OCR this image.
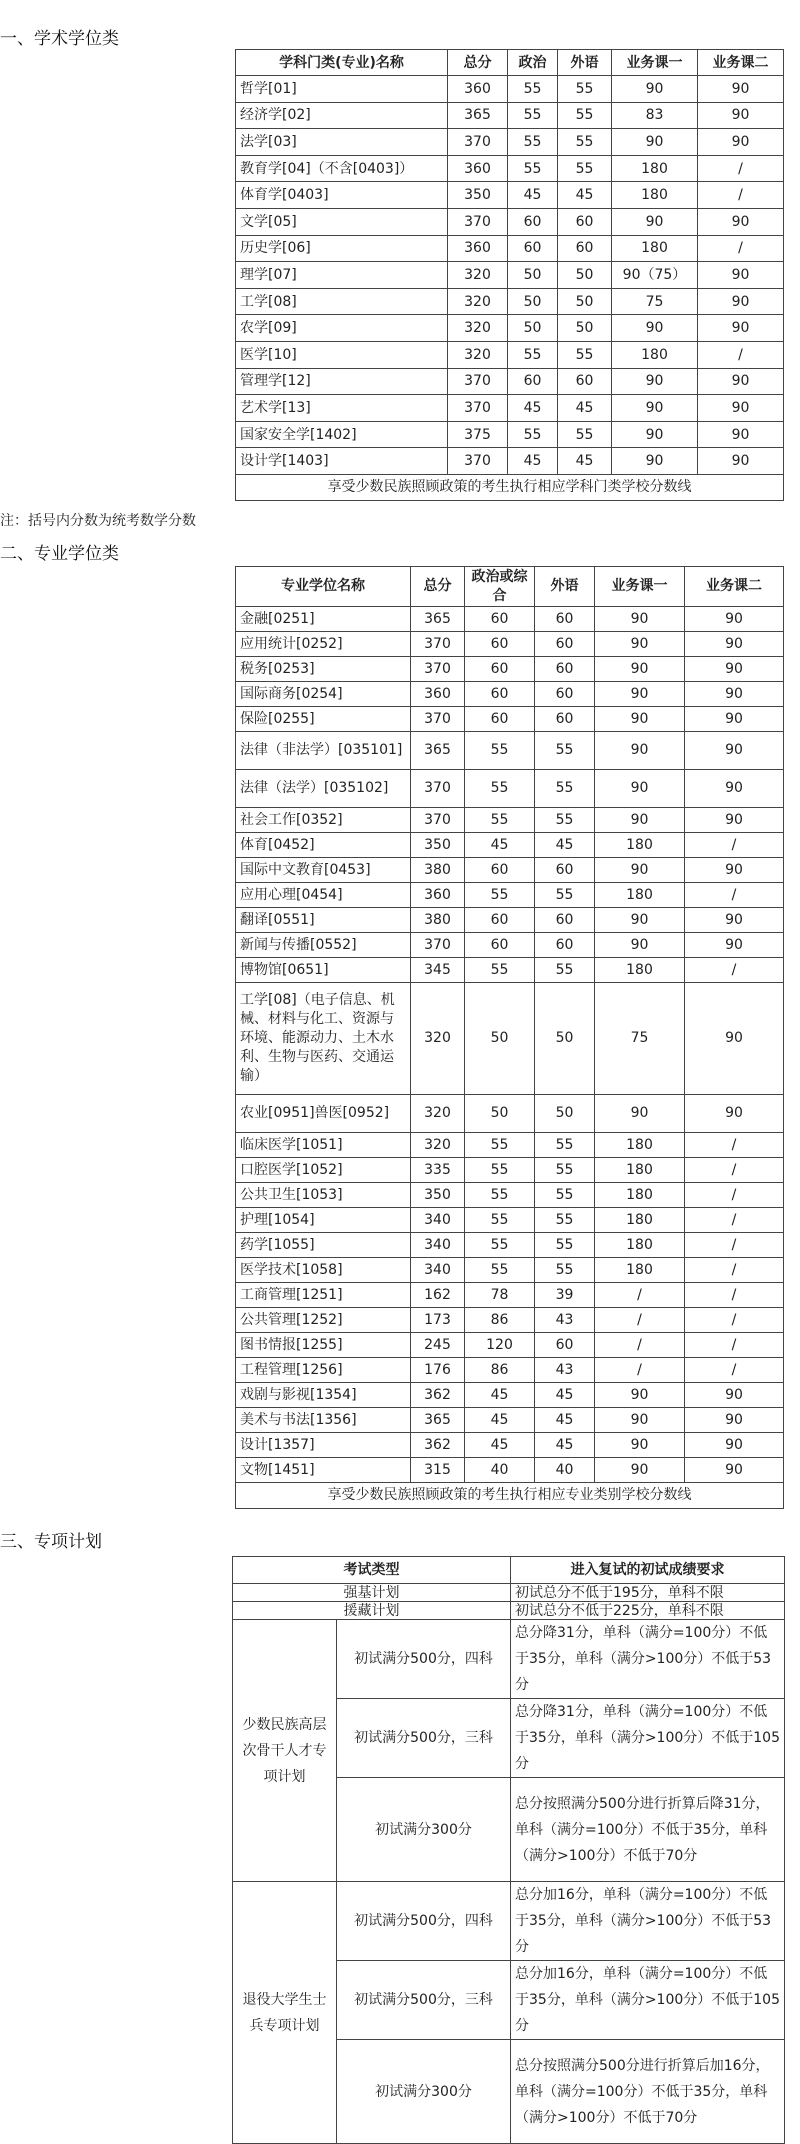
一、学术学位类
学科门类(专业)名称	总分	政治	外语	业务课一	业务课二
哲学[01]	360	55	55	90	90
经济学[02]	365	55	55	83	90
法学[03]	370	55	55	90	90
教育学[04]（不含[0403]）	360	55	55	180	/
体育学[0403]	350	45	45	180	/
文学[05]	370	60	60	90	90
历史学[06]	360	60	60	180	/
理学[07]	320	50	50	90（75）	90
工学[08]	320	50	50	75	90
农学[09]	320	50	50	90	90
医学[10]	320	55	55	180	/
管理学[12]	370	60	60	90	90
艺术学[13]	370	45	45	90	90
国家安全学[1402]	375	55	55	90	90
设计学[1403]	370	45	45	90	90
享受少数民族照顾政策的考生执行相应学科门类学校分数线					
注：括号内分数为统考数学分数
二、专业学位类
专业学位名称	总分	政治或综合	外语	业务课一	业务课二
金融[0251]	365	60	60	90	90
应用统计[0252]	370	60	60	90	90
税务[0253]	370	60	60	90	90
国际商务[0254]	360	60	60	90	90
保险[0255]	370	60	60	90	90
法律（非法学）[035101]	365	55	55	90	90
法律（法学）[035102]	370	55	55	90	90
社会工作[0352]	370	55	55	90	90
体育[0452]	350	45	45	180	/
国际中文教育[0453]	380	60	60	90	90
应用心理[0454]	360	55	55	180	/
翻译[0551]	380	60	60	90	90
新闻与传播[0552]	370	60	60	90	90
博物馆[0651]	345	55	55	180	/
工学[08]（电子信息、机械、材料与化工、资源与环境、能源动力、土木水利、生物与医药、交通运输）	320	50	50	75	90
农业[0951]兽医[0952]	320	50	50	90	90
临床医学[1051]	320	55	55	180	/
口腔医学[1052]	335	55	55	180	/
公共卫生[1053]	350	55	55	180	/
护理[1054]	340	55	55	180	/
药学[1055]	340	55	55	180	/
医学技术[1058]	340	55	55	180	/
工商管理[1251]	162	78	39	/	/
公共管理[1252]	173	86	43	/	/
图书情报[1255]	245	120	60	/	/
工程管理[1256]	176	86	43	/	/
戏剧与影视[1354]	362	45	45	90	90
美术与书法[1356]	365	45	45	90	90
设计[1357]	362	45	45	90	90
文物[1451]	315	40	40	90	90
享受少数民族照顾政策的考生执行相应专业类别学校分数线					
三、专项计划
考试类型		进入复试的初试成绩要求
强基计划		初试总分不低于195分，单科不限
援藏计划		初试总分不低于225分，单科不限
少数民族高层次骨干人才专项计划	初试满分500分，四科	总分降31分，单科（满分=100分）不低于35分，单科（满分>100分）不低于53分
	初试满分500分，三科	总分降31分，单科（满分=100分）不低于35分，单科（满分>100分）不低于105分
	初试满分300分	总分按照满分500分进行折算后降31分，单科（满分=100分）不低于35分，单科（满分>100分）不低于70分
退役大学生士兵专项计划	初试满分500分，四科	总分加16分，单科（满分=100分）不低于35分，单科（满分>100分）不低于53分
	初试满分500分，三科	总分加16分，单科（满分=100分）不低于35分，单科（满分>100分）不低于105分
	初试满分300分	总分按照满分500分进行折算后加16分，单科（满分=100分）不低于35分，单科（满分>100分）不低于70分
